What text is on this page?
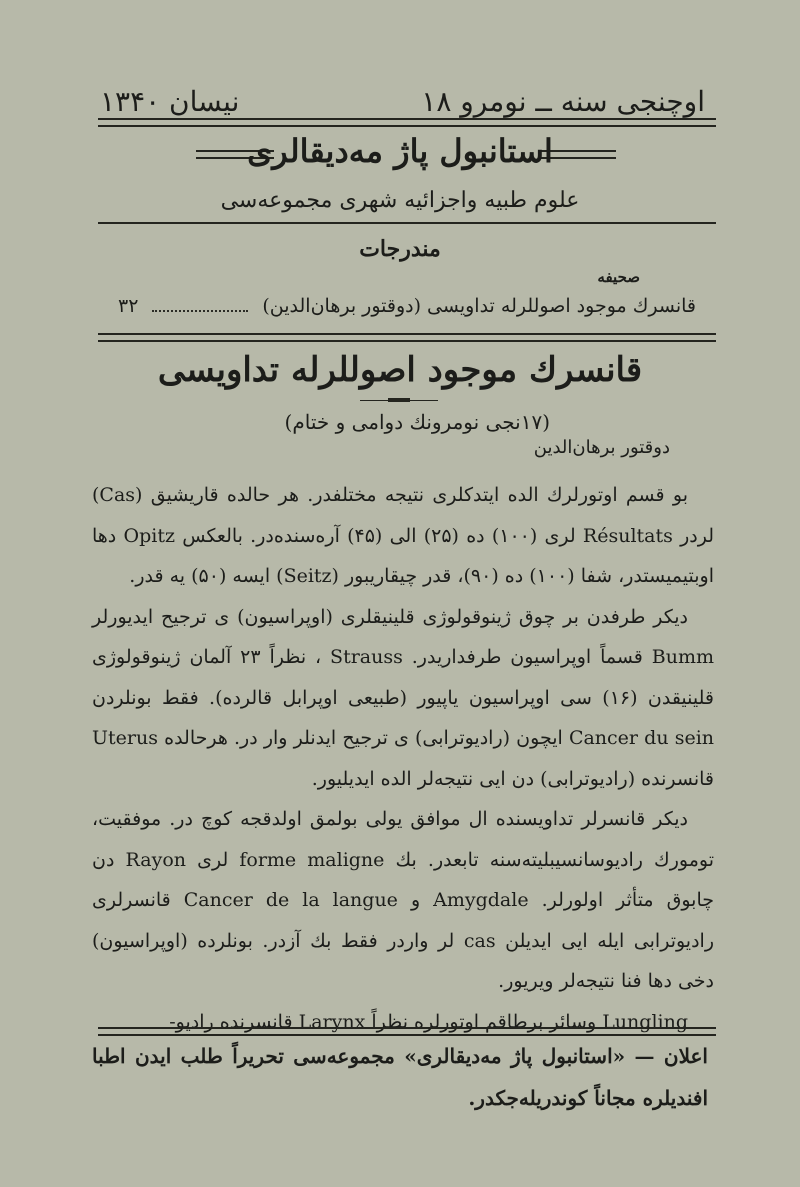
نیسان ۱۳۴۰	اوچنجی سنه ــ نومرو ۱۸
استانبول پاژ مەدیقالری
علوم طبیه واجزائیه شهری مجموعەسی
مندرجات
صحیفه
۳۲	قانسرك موجود اصوللرله تداویسی (دوقتور برهان‌الدین)
قانسرك موجود اصوللرله تداویسی
(۱۷نجی نومرونك دوامی و ختام)
دوقتور برهان‌الدین

بو قسم اوتورلرك الده ایتدكلری نتیجه مختلفدر. هر حالده قاریشیق (Cas) لردر Résultats لری (۱۰۰) ده (۲۵) الی (۴۵) آره‌سنده‌در. بالعکس Opitz دها اوبتیمیستدر، شفا (۱۰۰) ده (۹۰)، قدر چیقاریبور (Seitz) ایسه (۵۰) یه قدر.

دیکر طرفدن بر چوق ژینوقولوژی قلینیقلری (اوپراسیون) ی ترجیح ایدیورلر Bumm قسماً اوپراسیون طرفداریدر. Strauss ، نظراً ۲۳ آلمان ژینوقولوژی قلینیقدن (۱۶) سی اوپراسیون یاپیور (طبیعی اوپرابل قالرده). فقط بونلردن Cancer du sein ایچون (رادیوترابی) ی ترجیح ایدنلر وار در. هرحالده Uterus قانسرنده (رادیوترابی) دن ایی نتیجه‌لر الده ایدیلیور.

دیکر قانسرلر تداویسنده ال موافق یولی بولمق اولدقجه کوچ در. موفقیت، تومورك رادیوسانسیبلیته‌سنه تابعدر. بك forme maligne لری Rayon دن چابوق متأثر اولورلر. Amygdale و Cancer de la langue قانسرلری رادیوترابی ایله ایی ایدیلن cas لر واردر فقط بك آزدر. بونلرده (اوپراسیون) دخی دها فنا نتیجه‌لر ویریور.

Lungling وسائر برطاقم اوتورلره نظراً Larynx قانسرنده رادیو-

اعلان — «استانبول پاژ مەدیقالری» مجموعەسی تحریراً طلب ایدن اطبا افندیلره مجاناً کوندریله‌جکدر.
